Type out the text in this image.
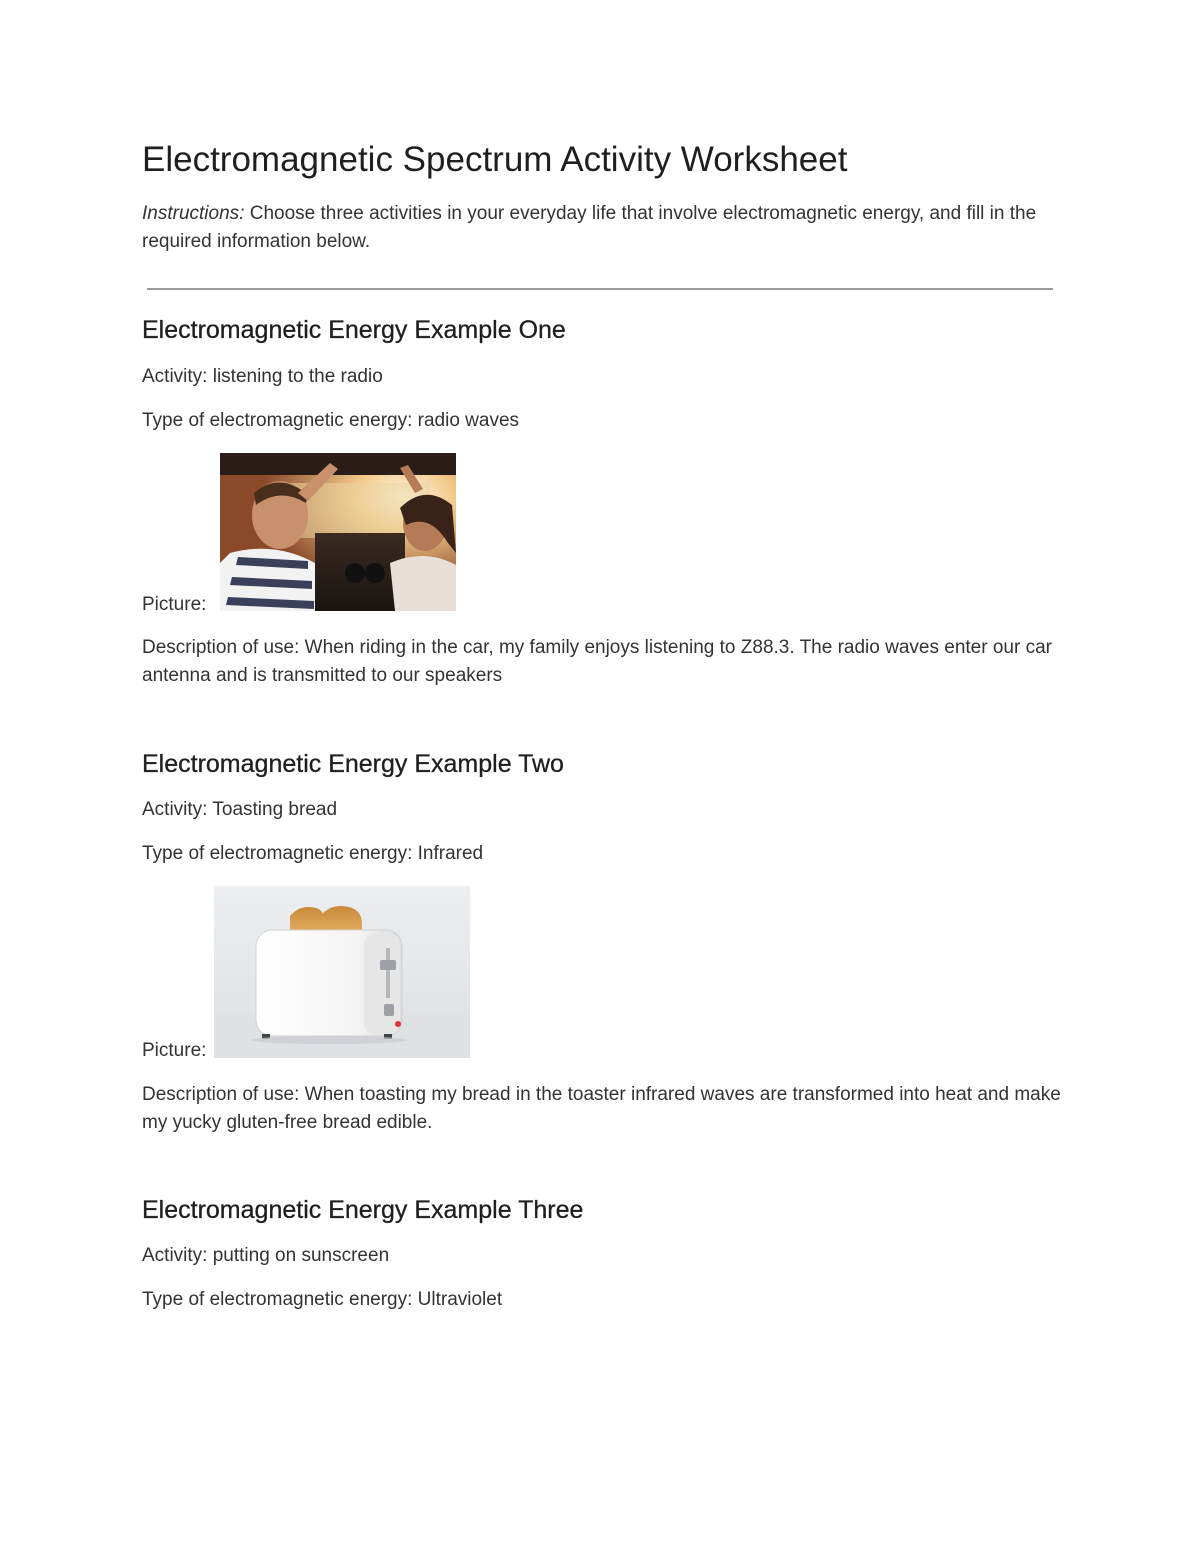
Electromagnetic Spectrum Activity Worksheet

Instructions: Choose three activities in your everyday life that involve electromagnetic energy, and fill in the required information below.

Electromagnetic Energy Example One

Activity: listening to the radio

Type of electromagnetic energy: radio waves

Picture:

Description of use: When riding in the car, my family enjoys listening to Z88.3. The radio waves enter our car antenna and is transmitted to our speakers

Electromagnetic Energy Example Two

Activity: Toasting bread

Type of electromagnetic energy: Infrared

Picture:

Description of use: When toasting my bread in the toaster infrared waves are transformed into heat and make my yucky gluten-free bread edible.

Electromagnetic Energy Example Three

Activity: putting on sunscreen

Type of electromagnetic energy: Ultraviolet
